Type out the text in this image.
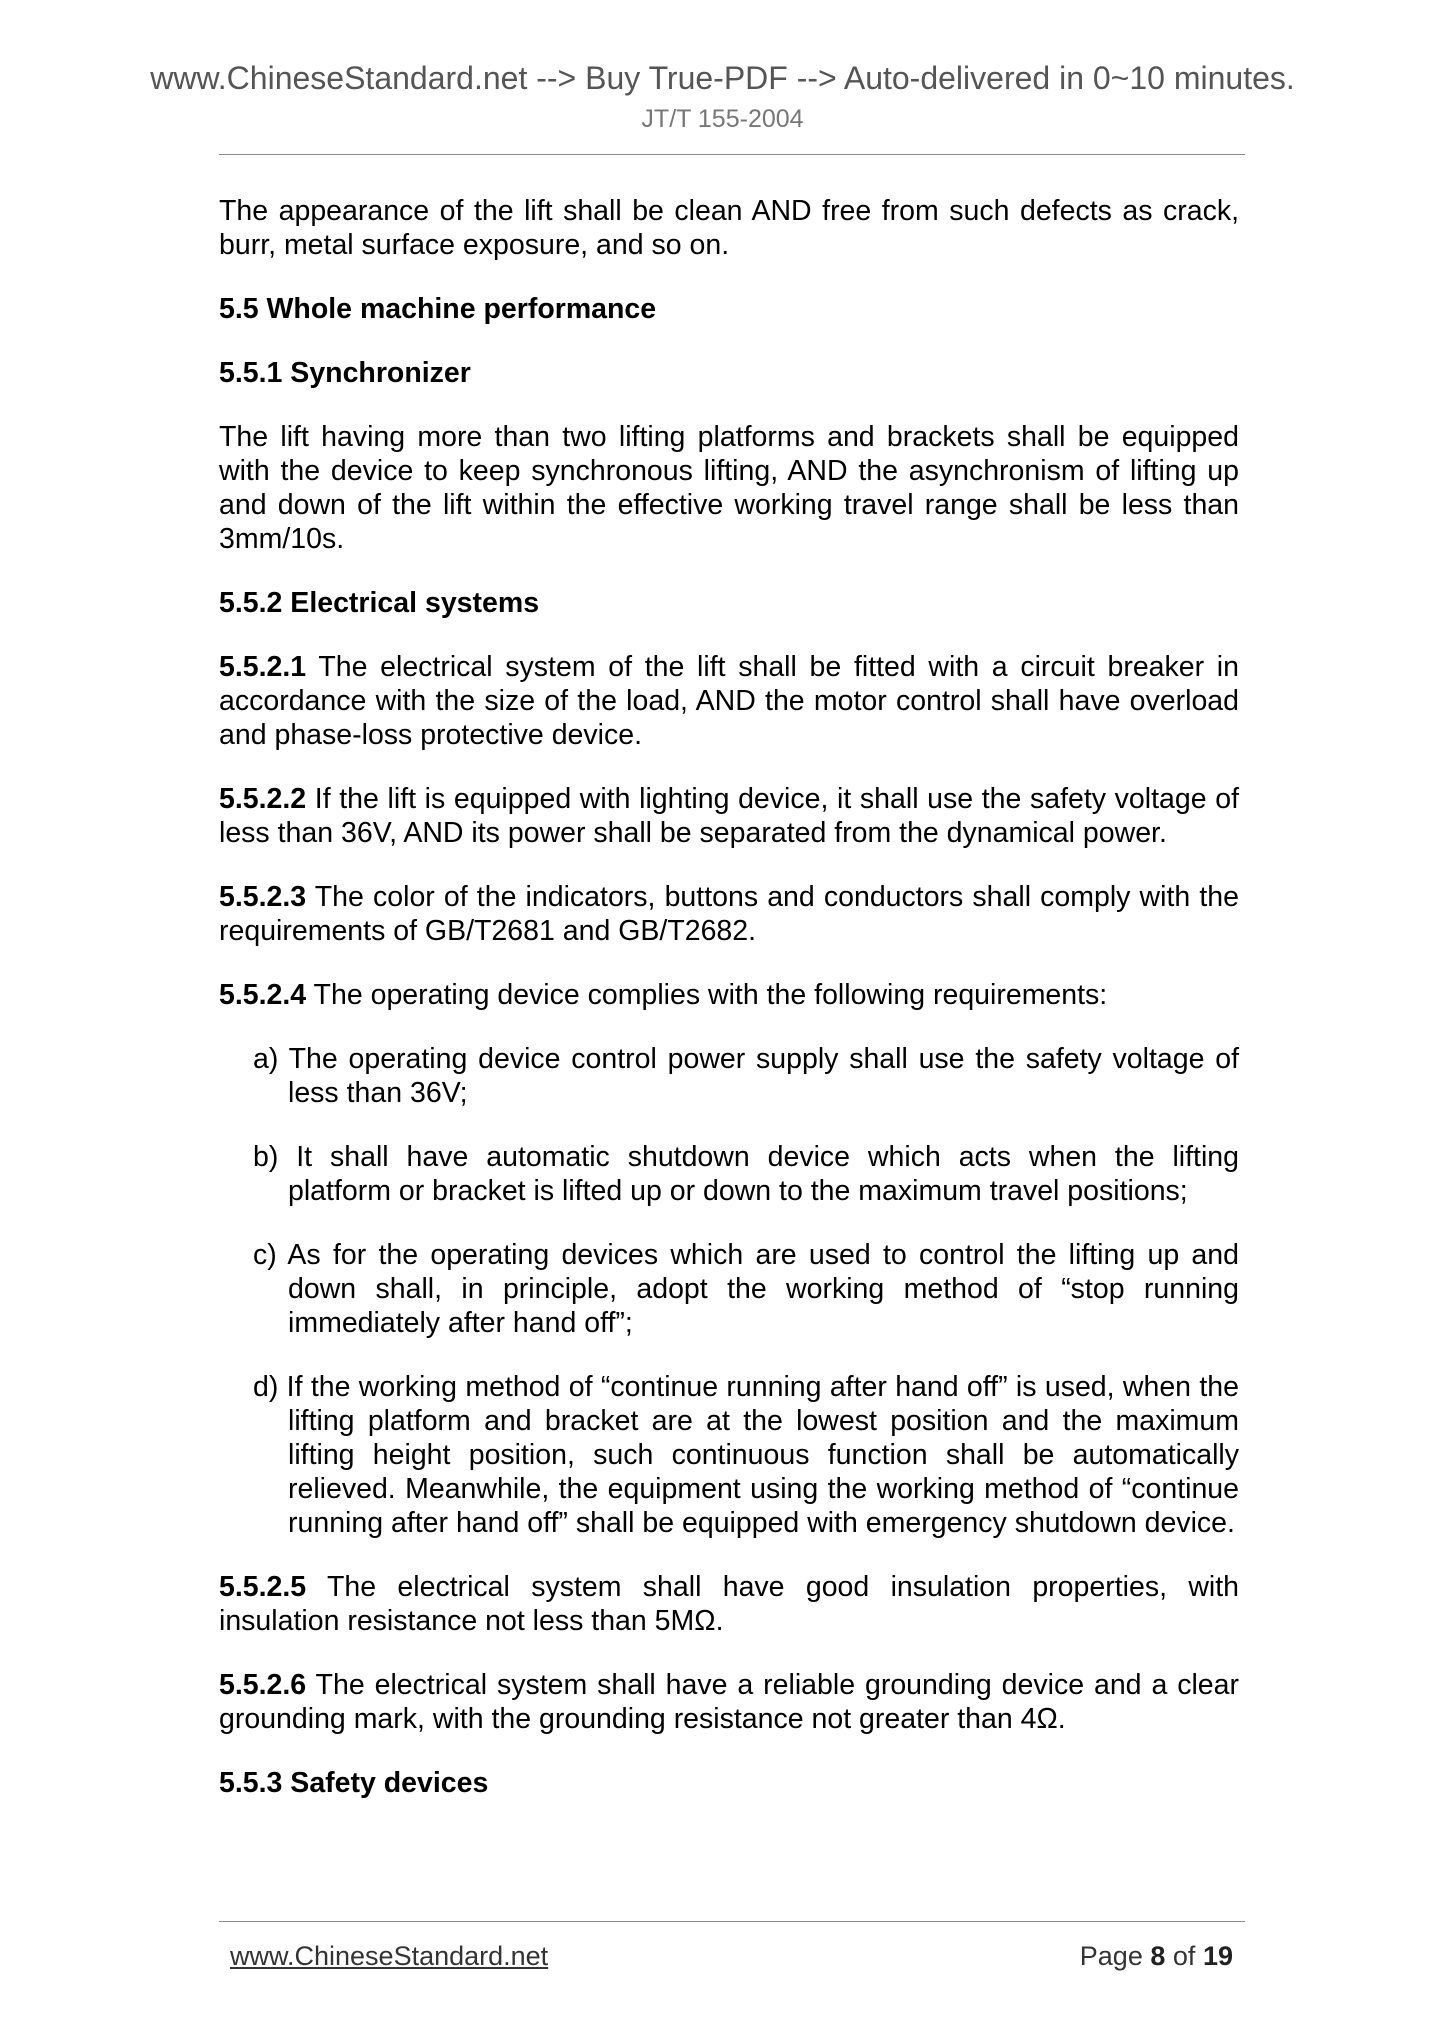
www.ChineseStandard.net --> Buy True-PDF --> Auto-delivered in 0~10 minutes.
JT/T 155-2004

The appearance of the lift shall be clean AND free from such defects as crack, burr, metal surface exposure, and so on.

5.5 Whole machine performance

5.5.1 Synchronizer

The lift having more than two lifting platforms and brackets shall be equipped with the device to keep synchronous lifting, AND the asynchronism of lifting up and down of the lift within the effective working travel range shall be less than 3mm/10s.

5.5.2 Electrical systems

5.5.2.1 The electrical system of the lift shall be fitted with a circuit breaker in accordance with the size of the load, AND the motor control shall have overload and phase-loss protective device.

5.5.2.2 If the lift is equipped with lighting device, it shall use the safety voltage of less than 36V, AND its power shall be separated from the dynamical power.

5.5.2.3 The color of the indicators, buttons and conductors shall comply with the requirements of GB/T2681 and GB/T2682.

5.5.2.4 The operating device complies with the following requirements:

a) The operating device control power supply shall use the safety voltage of less than 36V;

b) It shall have automatic shutdown device which acts when the lifting platform or bracket is lifted up or down to the maximum travel positions;

c) As for the operating devices which are used to control the lifting up and down shall, in principle, adopt the working method of “stop running immediately after hand off”;

d) If the working method of “continue running after hand off” is used, when the lifting platform and bracket are at the lowest position and the maximum lifting height position, such continuous function shall be automatically relieved. Meanwhile, the equipment using the working method of “continue running after hand off” shall be equipped with emergency shutdown device.

5.5.2.5 The electrical system shall have good insulation properties, with insulation resistance not less than 5MΩ.

5.5.2.6 The electrical system shall have a reliable grounding device and a clear grounding mark, with the grounding resistance not greater than 4Ω.

5.5.3 Safety devices

www.ChineseStandard.net	Page 8 of 19
